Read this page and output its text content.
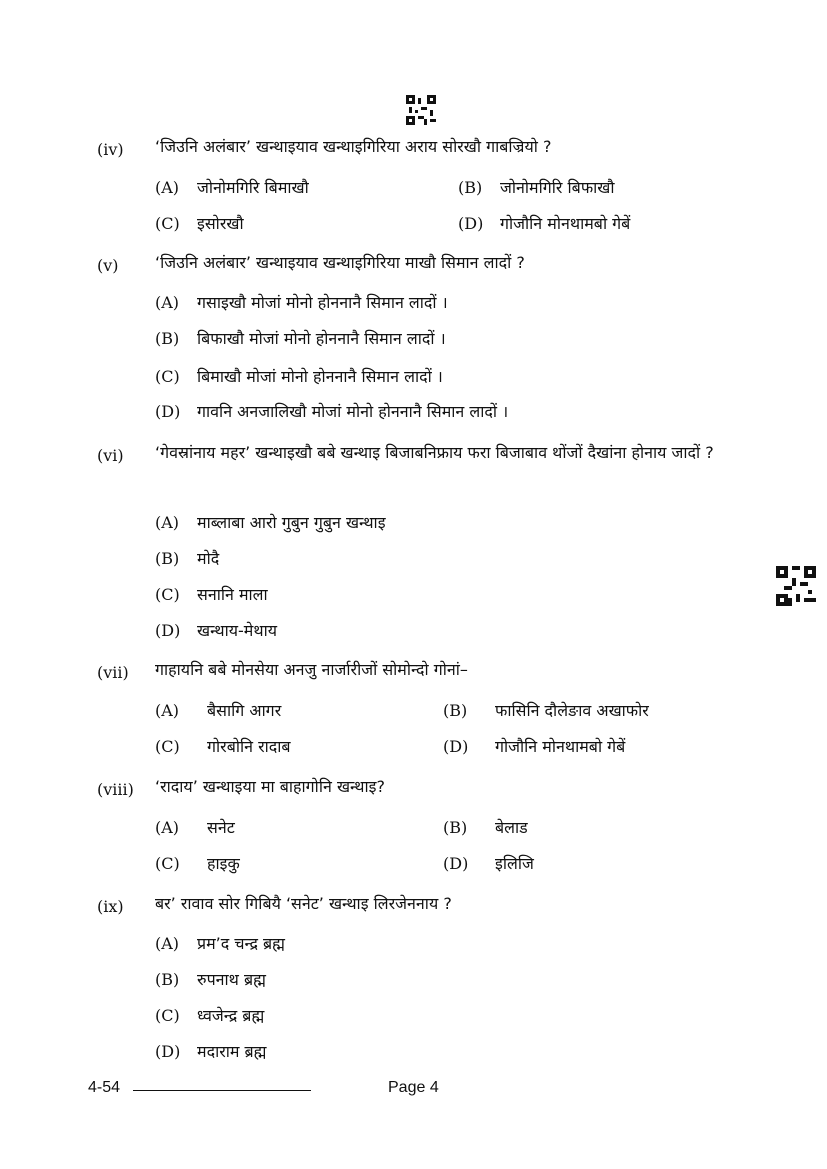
(iv) ‘जिउनि अलंबार’ खन्थाइयाव खन्थाइगिरिया अराय सोरखौ गाबज्रियो ?
(A) जोनोमगिरि बिमाखौ	(B) जोनोमगिरि बिफाखौ
(C) इसोरखौ	(D) गोजौनि मोनथामबो गेबें
(v) ‘जिउनि अलंबार’ खन्थाइयाव खन्थाइगिरिया माखौ सिमान लादों ?
(A) गसाइखौ मोजां मोनो होननानै सिमान लादों ।
(B) बिफाखौ मोजां मोनो होननानै सिमान लादों ।
(C) बिमाखौ मोजां मोनो होननानै सिमान लादों ।
(D) गावनि अनजालिखौ मोजां मोनो होननानै सिमान लादों ।
(vi) ‘गेवस्रांनाय महर’ खन्थाइखौ बबे खन्थाइ बिजाबनिफ्राय फरा बिजाबाव थोंजों दैखांना होनाय जादों ?
(A) माब्लाबा आरो गुबुन गुबुन खन्थाइ
(B) मोदै
(C) सनानि माला
(D) खन्थाय-मेथाय
(vii) गाहायनि बबे मोनसेया अनजु नार्जारीजों सोमोन्दो गोनां–
(A) बैसागि आगर	(B) फासिनि दौलेङाव अखाफोर
(C) गोरबोनि रादाब	(D) गोजौनि मोनथामबो गेबें
(viii) ‘रादाय’ खन्थाइया मा बाहागोनि खन्थाइ?
(A) सनेट	(B) बेलाड
(C) हाइकु	(D) इलिजि
(ix) बर’ रावाव सोर गिबियै ‘सनेट’ खन्थाइ लिरजेननाय ?
(A) प्रम’द चन्द्र ब्रह्म
(B) रुपनाथ ब्रह्म
(C) ध्वजेन्द्र ब्रह्म
(D) मदाराम ब्रह्म
4-54	Page 4
